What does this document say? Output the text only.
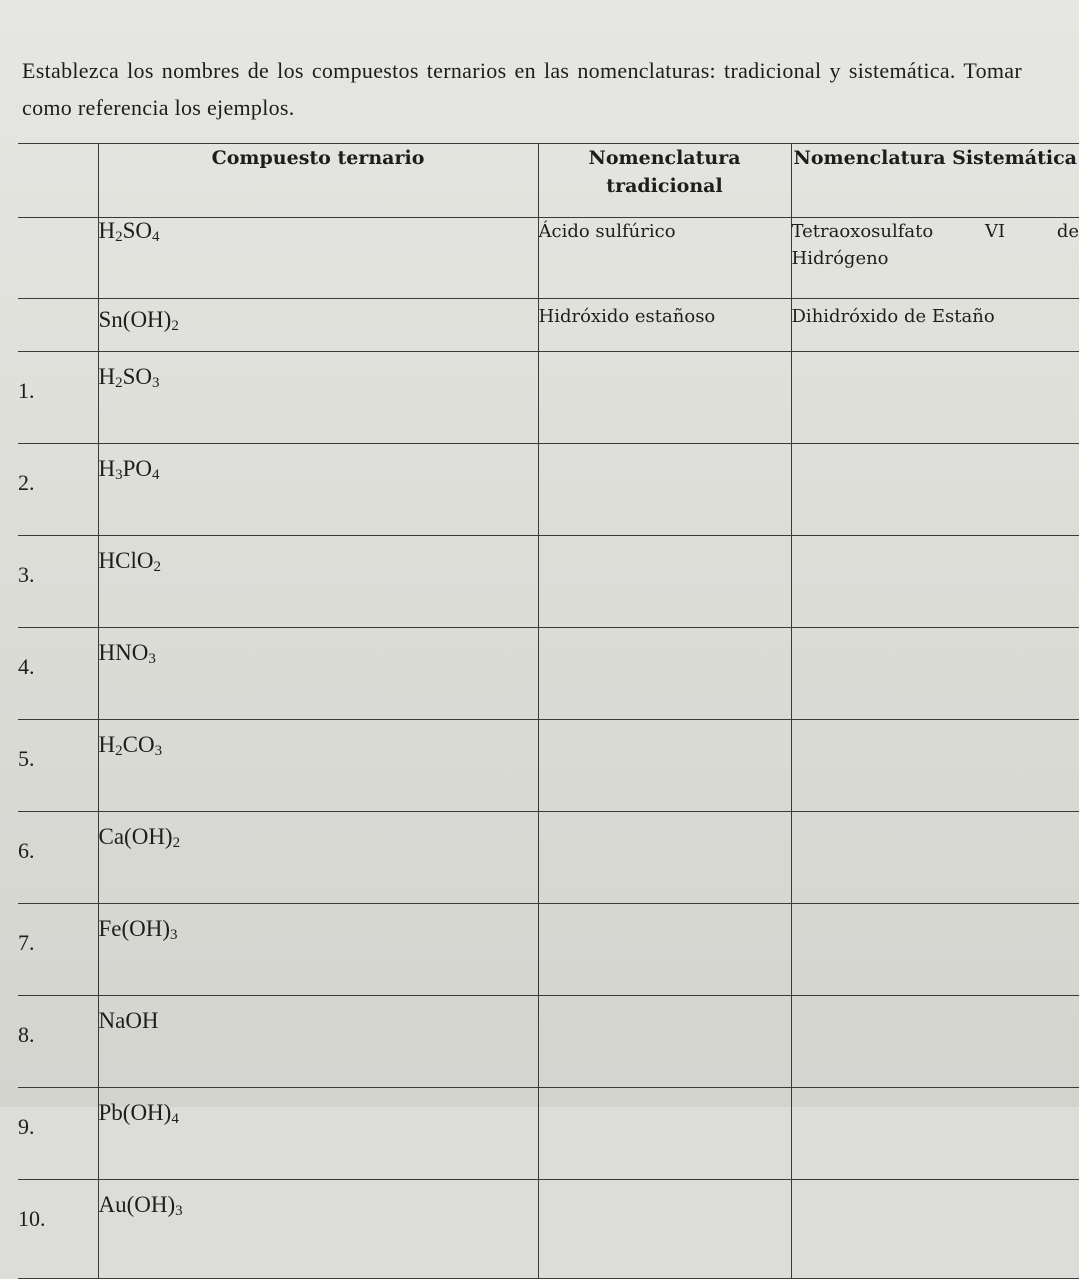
Establezca los nombres de los compuestos ternarios en las nomenclaturas: tradicional y sistemática. Tomar como referencia los ejemplos.

	Compuesto ternario	Nomenclatura tradicional	Nomenclatura Sistemática
	$H_2SO_4$	Ácido sulfúrico	Tetraoxosulfato VI de Hidrógeno
	$Sn(OH)_2$	Hidróxido estañoso	Dihidróxido de Estaño
1.	$H_2SO_3$		
2.	$H_3PO_4$		
3.	HClO$_2$		
4.	$HNO_3$		
5.	$H_2CO_3$		
6.	$Ca(OH)_2$		
7.	$Fe(OH)_3$		
8.	NaOH		
9.	$Pb(OH)_4$		
10.	$Au(OH)_3$		
